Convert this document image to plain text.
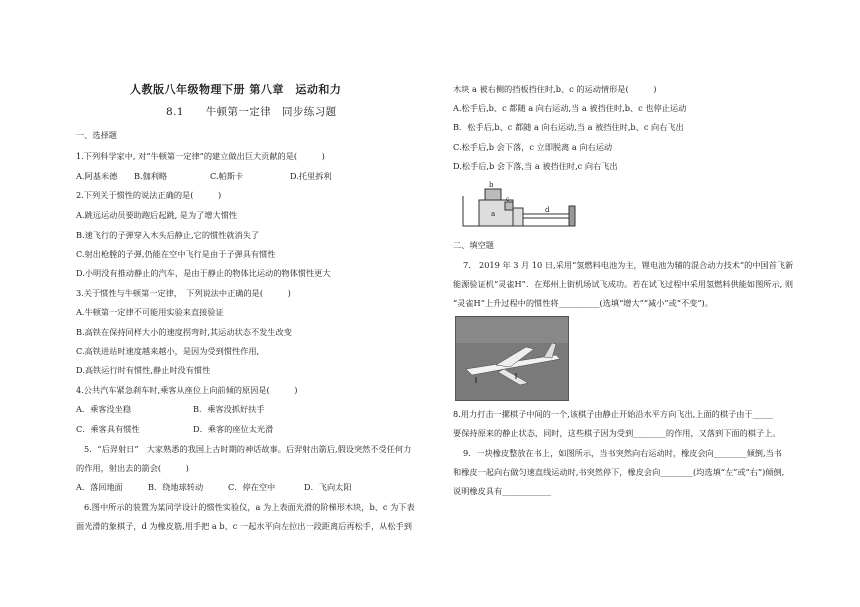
人教版八年级物理下册 第八章　运动和力
8.1　　牛顿第一定律　同步练习题
一、选择题
1.下列科学家中, 对“牛顿第一定律”的建立做出巨大贡献的是(　　　)
A.阿基米德 B.伽利略	C.帕斯卡	D.托里拆利
2.下列关于惯性的说法正确的是(　　　)
A.跳远运动员要助跑后起跳, 是为了增大惯性
B.速飞行的子弹穿入木头后静止,它的惯性就消失了
C.射出枪膛的子弹,仍能在空中飞行是由于子弹具有惯性
D.小明没有推动静止的汽车，是由于静止的物体比运动的物体惯性更大
3.关于惯性与牛顿第一定律，　下列说法中正确的是(　　　)
A.牛顿第一定律不可能用实验来直接验证
B.高铁在保持同样大小的速度拐弯时,其运动状态不发生改变
C.高铁进站时速度越来越小，是因为受到惯性作用,
D.高铁运行时有惯性,静止时没有惯性
4.公共汽车紧急刹车时,乘客从座位上向前倾的原因是(　　　)
A．乘客没坐稳	B．乘客没抓好扶手
C．乘客具有惯性	D．乘客的座位太光滑
5．“后羿射日”　大家熟悉的我国上古时期的神话故事。后羿射出箭后,假设突然不受任何力
的作用，射出去的箭会(　　　)
A．落回地面	B．绕地球转动	C．停在空中	D．飞向太阳
6.图中所示的装置为某同学设计的惯性实验仪，a 为上表面光滑的阶梯形木块，b、c 为下表
面光滑的象棋子，d 为橡皮筋,用手把 a b、c 一起水平向左拉出一段距离后再松手，从松手到
木块 a 被右侧的挡板挡住时,b、c 的运动情形是(　　　)
A.松手后,b、c 都随 a 向右运动,当 a 被挡住时,b、c 也停止运动
B．松手后,b、c 都随 a 向右运动,当 a 被挡住时,b、c 向右飞出
C.松手后,b 会下落，c 立即脱离 a 向右运动
D.松手后,b 会下落,当 a 被挡住时,c 向右飞出
b
c
a	d
二、填空题
7.　2019 年 3 月 10 日,采用“氢燃料电池为主，锂电池为辅的混合动力技术”的中国首飞新
能源验证机“灵雀H”．在郑州上街机场试飞成功。若在试飞过程中采用氢燃料供能如图所示, 则
“灵雀H”上升过程中的惯性将__________(选填“增大”“减小”或“不变”)。
8.用力打击一摞棋子中间的一个,该棋子由静止开始沿水平方向飞出,上面的棋子由于_____
要保持原来的静止状态，同时，这些棋子因为受到________的作用，又落到下面的棋子上。
9．一块橡皮整放在书上，如图所示，当书突然向右运动时，橡皮会向________倾倒,当书
和橡皮一起向右做匀速直线运动时,书突然停下，橡皮会向________(均选填“左”或“右”)倾倒,
说明橡皮具有____________
